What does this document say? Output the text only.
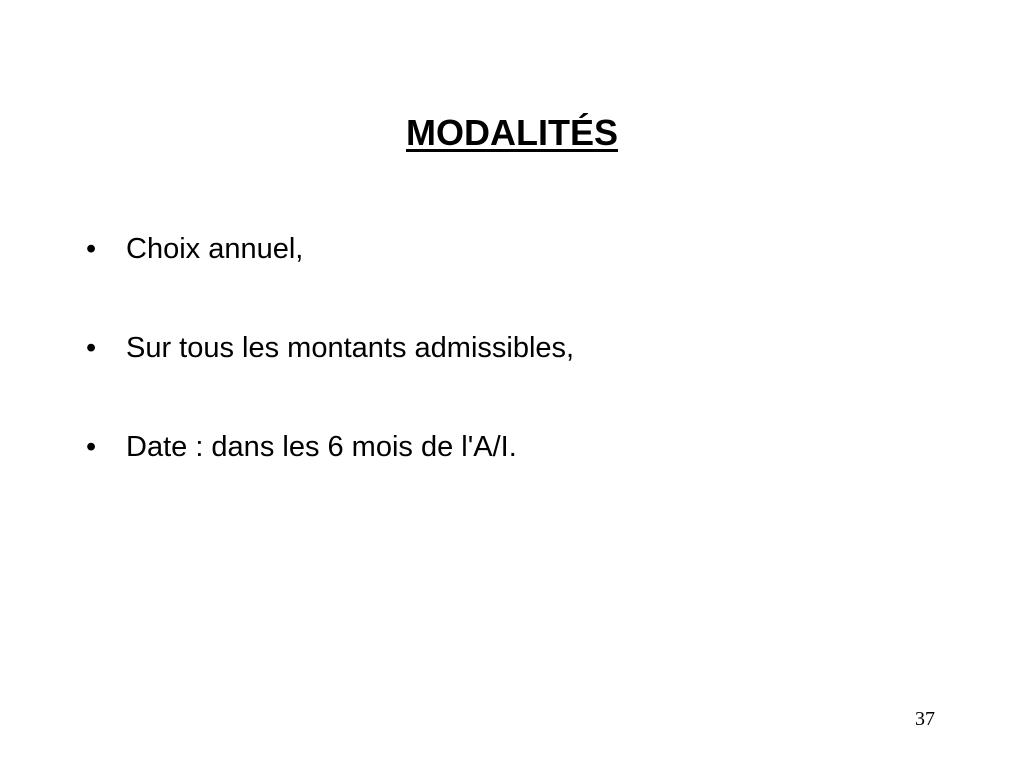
MODALITÉS
•	Choix annuel,
•	Sur tous les montants admissibles,
•	Date : dans les 6 mois de l'A/I.
37
